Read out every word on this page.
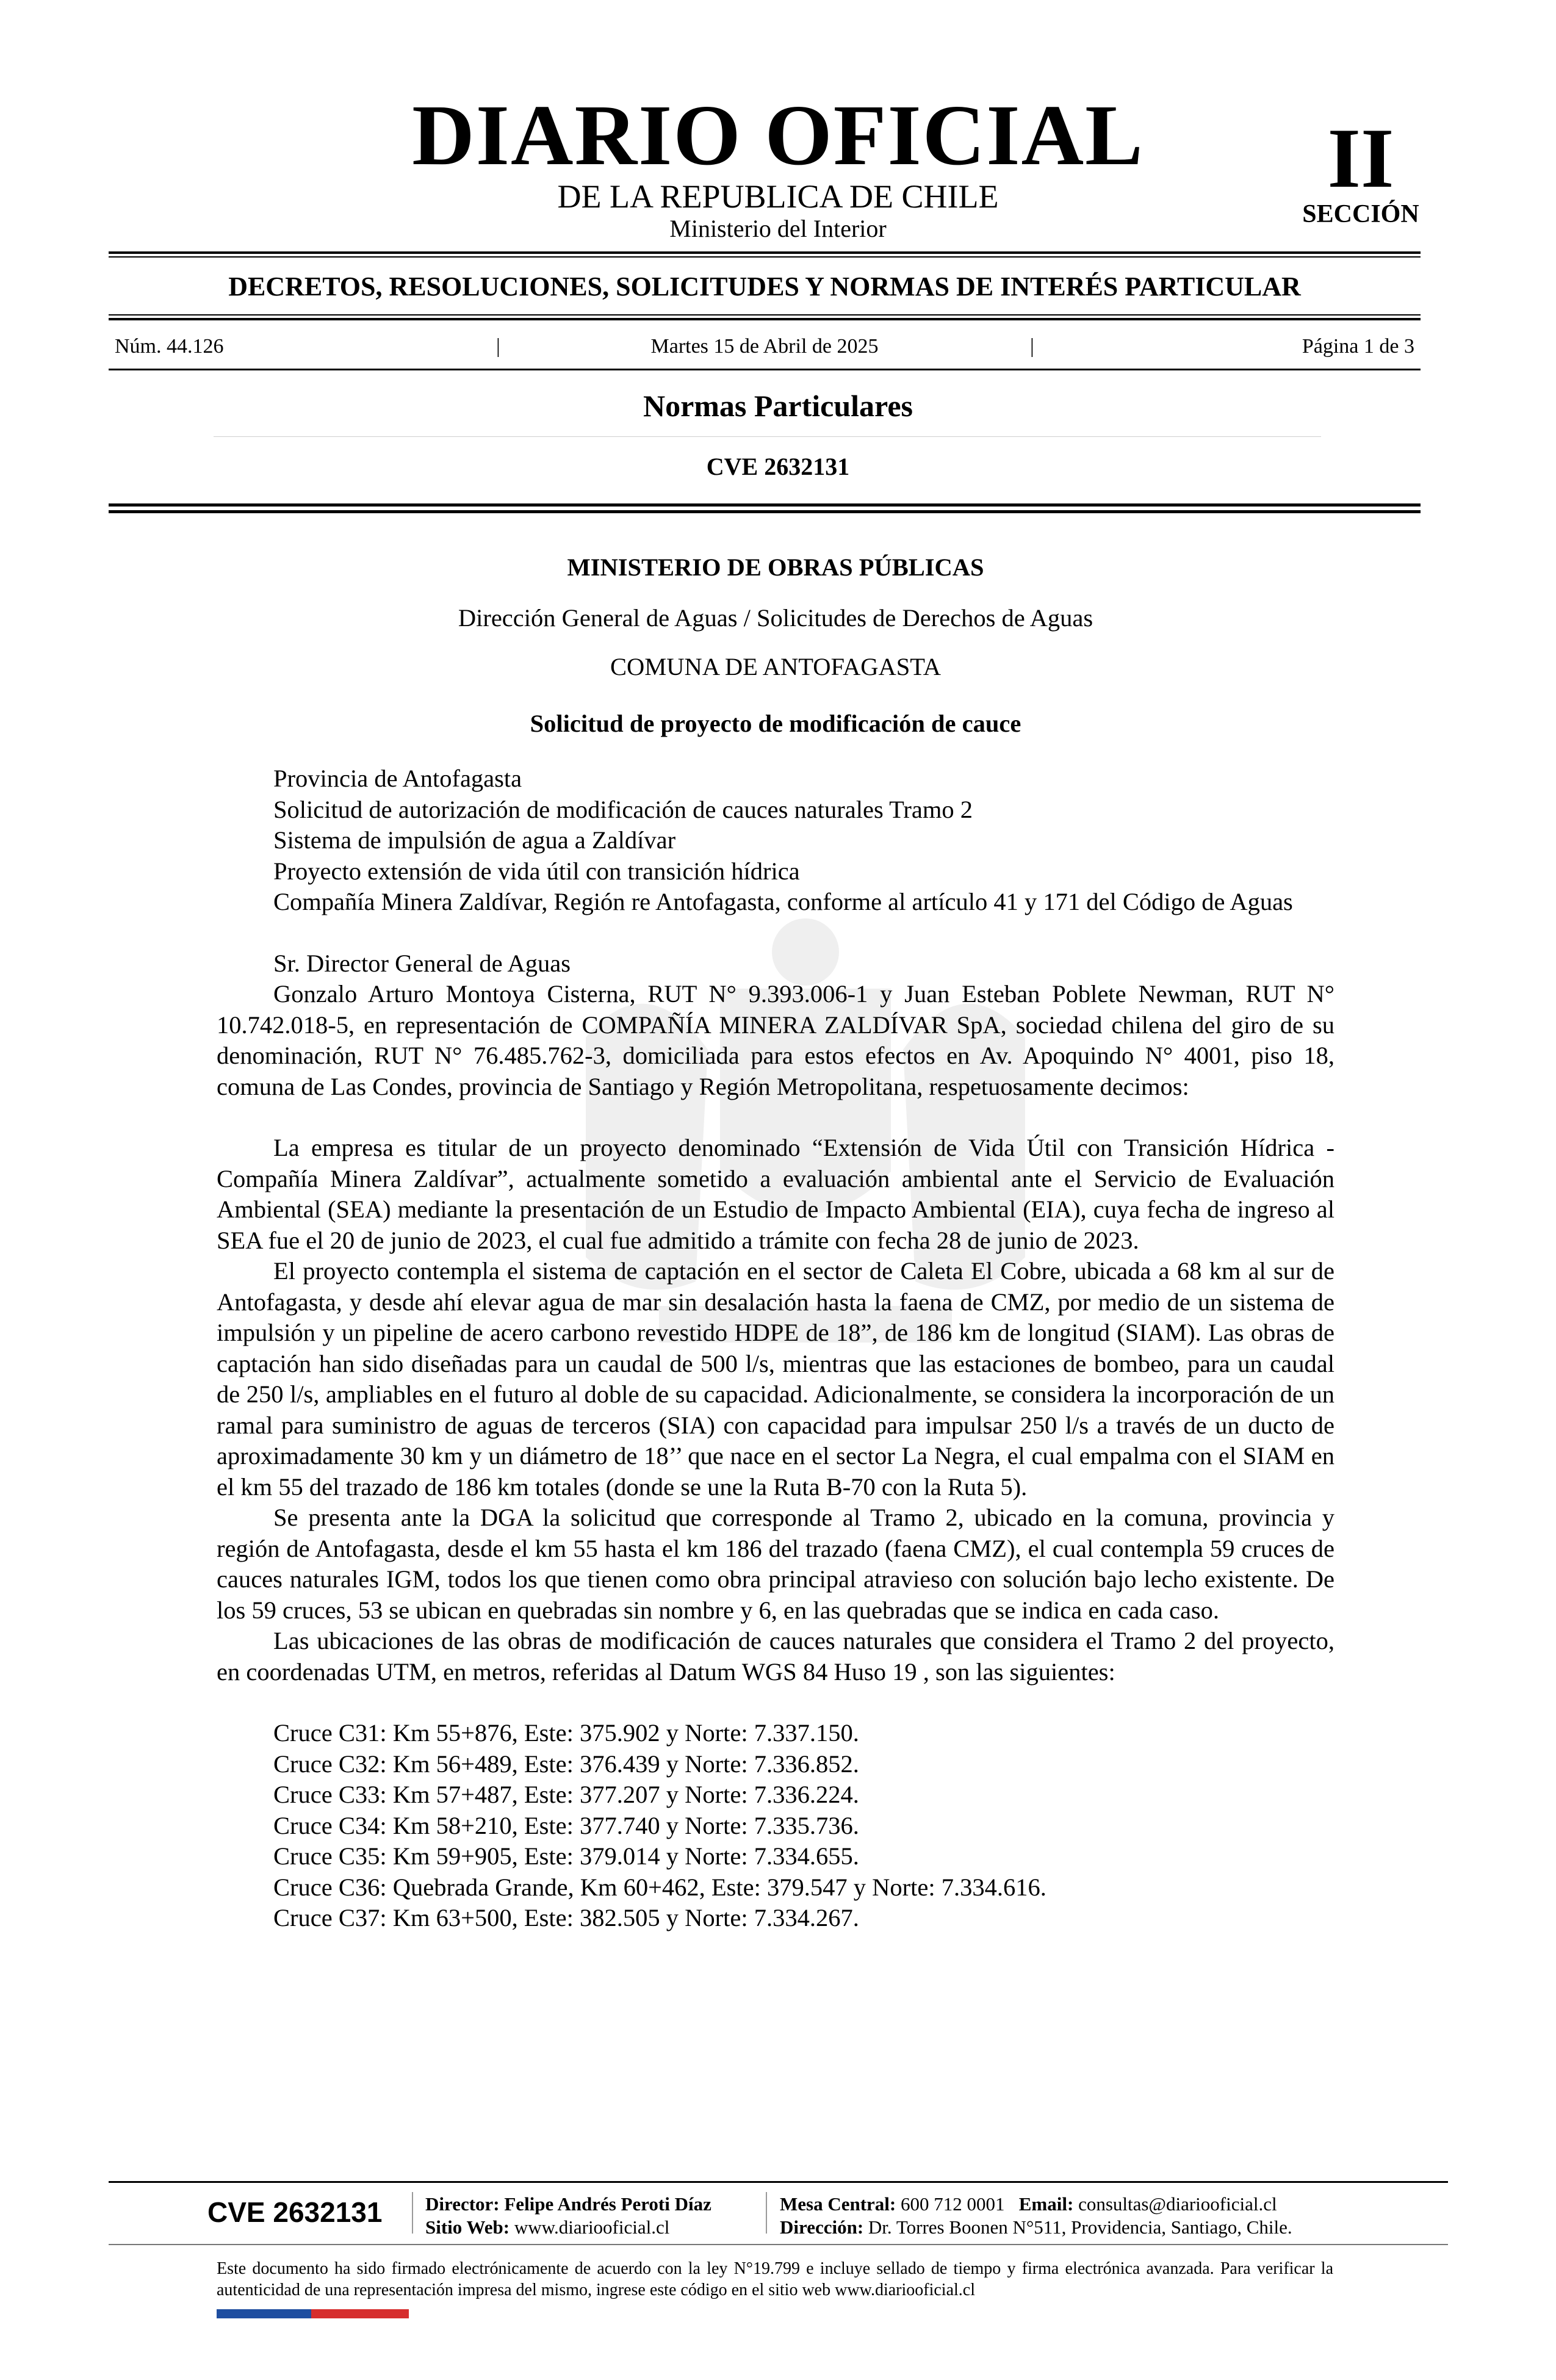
DIARIO OFICIAL
DE LA REPUBLICA DE CHILE
Ministerio del Interior
II
SECCIÓN
DECRETOS, RESOLUCIONES, SOLICITUDES Y NORMAS DE INTERÉS PARTICULAR
Núm. 44.126	|	Martes 15 de Abril de 2025	|	Página 1 de 3
Normas Particulares
CVE 2632131
MINISTERIO DE OBRAS PÚBLICAS
Dirección General de Aguas / Solicitudes de Derechos de Aguas
COMUNA DE ANTOFAGASTA
Solicitud de proyecto de modificación de cauce

Provincia de Antofagasta

Solicitud de autorización de modificación de cauces naturales Tramo 2

Sistema de impulsión de agua a Zaldívar

Proyecto extensión de vida útil con transición hídrica

Compañía Minera Zaldívar, Región re Antofagasta, conforme al artículo 41 y 171 del Código de Aguas

Sr. Director General de Aguas

Gonzalo Arturo Montoya Cisterna, RUT N° 9.393.006-1 y Juan Esteban Poblete Newman, RUT N° 10.742.018-5, en representación de COMPAÑÍA MINERA ZALDÍVAR SpA, sociedad chilena del giro de su denominación, RUT N° 76.485.762-3, domiciliada para estos efectos en Av. Apoquindo N° 4001, piso 18, comuna de Las Condes, provincia de Santiago y Región Metropolitana, respetuosamente decimos:

La empresa es titular de un proyecto denominado “Extensión de Vida Útil con Transición Hídrica - Compañía Minera Zaldívar”, actualmente sometido a evaluación ambiental ante el Servicio de Evaluación Ambiental (SEA) mediante la presentación de un Estudio de Impacto Ambiental (EIA), cuya fecha de ingreso al SEA fue el 20 de junio de 2023, el cual fue admitido a trámite con fecha 28 de junio de 2023.

El proyecto contempla el sistema de captación en el sector de Caleta El Cobre, ubicada a 68 km al sur de Antofagasta, y desde ahí elevar agua de mar sin desalación hasta la faena de CMZ, por medio de un sistema de impulsión y un pipeline de acero carbono revestido HDPE de 18”, de 186 km de longitud (SIAM). Las obras de captación han sido diseñadas para un caudal de 500 l/s, mientras que las estaciones de bombeo, para un caudal de 250 l/s, ampliables en el futuro al doble de su capacidad. Adicionalmente, se considera la incorporación de un ramal para suministro de aguas de terceros (SIA) con capacidad para impulsar 250 l/s a través de un ducto de aproximadamente 30 km y un diámetro de 18’’ que nace en el sector La Negra, el cual empalma con el SIAM en el km 55 del trazado de 186 km totales (donde se une la Ruta B-70 con la Ruta 5).

Se presenta ante la DGA la solicitud que corresponde al Tramo 2, ubicado en la comuna, provincia y región de Antofagasta, desde el km 55 hasta el km 186 del trazado (faena CMZ), el cual contempla 59 cruces de cauces naturales IGM, todos los que tienen como obra principal atravieso con solución bajo lecho existente. De los 59 cruces, 53 se ubican en quebradas sin nombre y 6, en las quebradas que se indica en cada caso.

Las ubicaciones de las obras de modificación de cauces naturales que considera el Tramo 2 del proyecto, en coordenadas UTM, en metros, referidas al Datum WGS 84 Huso 19 , son las siguientes:

Cruce C31: Km 55+876, Este: 375.902 y Norte: 7.337.150.

Cruce C32: Km 56+489, Este: 376.439 y Norte: 7.336.852.

Cruce C33: Km 57+487, Este: 377.207 y Norte: 7.336.224.

Cruce C34: Km 58+210, Este: 377.740 y Norte: 7.335.736.

Cruce C35: Km 59+905, Este: 379.014 y Norte: 7.334.655.

Cruce C36: Quebrada Grande, Km 60+462, Este: 379.547 y Norte: 7.334.616.

Cruce C37: Km 63+500, Este: 382.505 y Norte: 7.334.267.

CVE 2632131 Director: Felipe Andrés Peroti Díaz
Sitio Web: www.diariooficial.cl
Mesa Central: 600 712 0001 Email: consultas@diariooficial.cl
Dirección: Dr. Torres Boonen N°511, Providencia, Santiago, Chile.
Este documento ha sido firmado electrónicamente de acuerdo con la ley N°19.799 e incluye sellado de tiempo y firma electrónica avanzada. Para verificar la autenticidad de una representación impresa del mismo, ingrese este código en el sitio web www.diariooficial.cl
